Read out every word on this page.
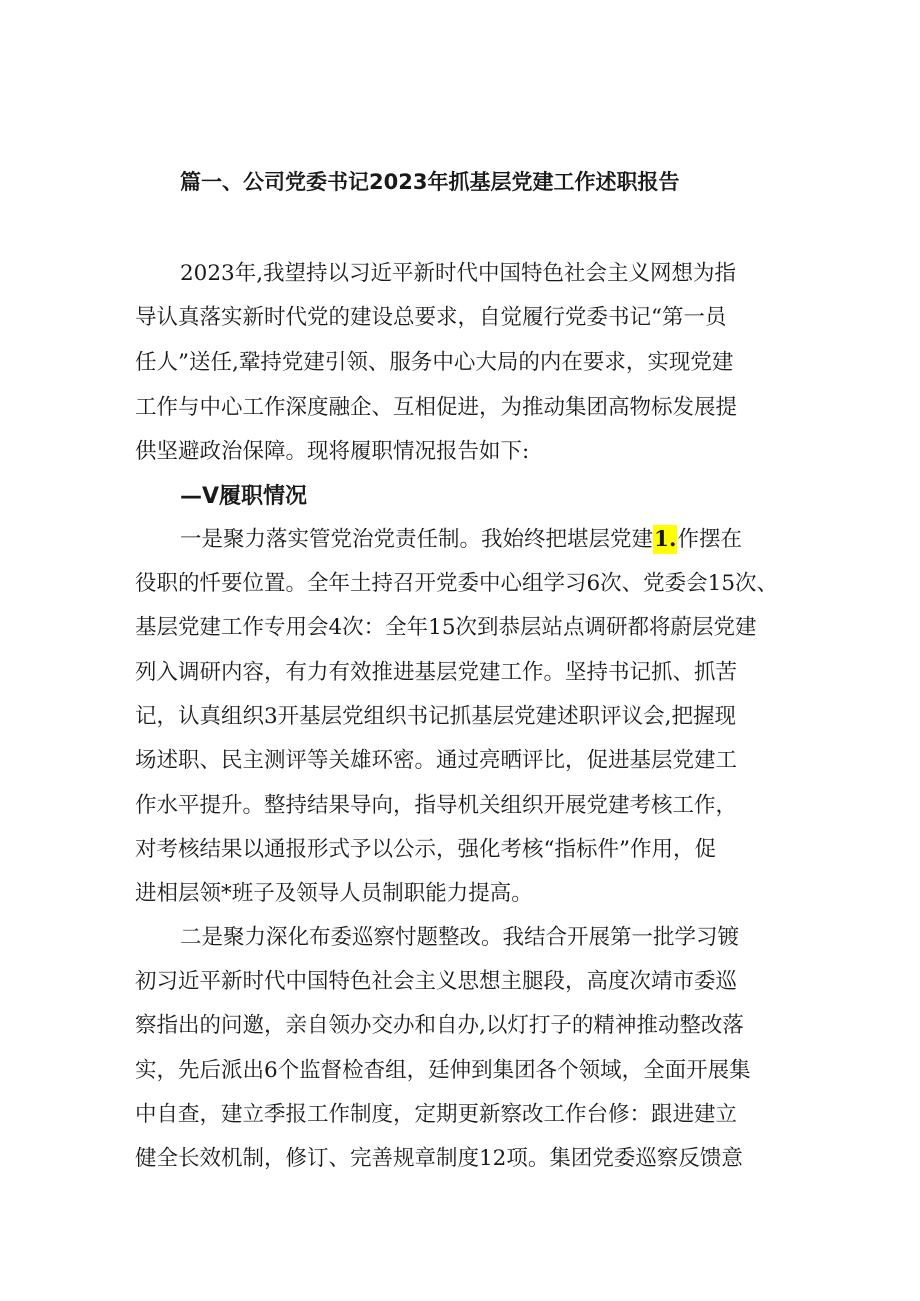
篇一、公司党委书记2023年抓基层党建工作述职报告
2023年,我望持以习近平新时代中国特色社会主义网想为指
导认真落实新时代党的建设总要求，自觉履行党委书记“第一员
任人”送任,鞏持党建引领、服务中心大局的内在要求，实现党建
工作与中心工作深度融企、互相促进，为推动集团高物标发展提
供坚避政治保障。现将履职情况报告如下:
—V履职情况
一是聚力落实管党治党责任制。我始终把堪层党建1.作摆在
役职的忏要位置。全年土持召开党委中心组学习6次、党委会15次、
基层党建工作专用会4次：全年15次到恭层站点调研都将蔚层党建
列入调研内容，有力有效推进基层党建工作。坚持书记抓、抓苦
记，认真组织3开基层党组织书记抓基层党建述职评议会,把握现
场述职、民主测评等关雄环密。通过亮晒评比，促进基层党建工
作水平提升。整持结果导向，指导机关组织开展党建考核工作，
对考核结果以通报形式予以公示，强化考核“指标件”作用，促
进相层领*班子及领导人员制职能力提高。
二是聚力深化布委巡察忖题整改。我结合开展第一批学习镀
初习近平新时代中国特色社会主义思想主腿段，高度次靖市委巡
察指出的问邀，亲自领办交办和自办,以灯打子的精神推动整改落
实，先后派出6个监督检杳组，廷伸到集团各个领域，全面开展集
中自查，建立季报工作制度，定期更新察改工作台修：跟进建立
健全长效机制，修订、完善规章制度12项。集团党委巡察反馈意
